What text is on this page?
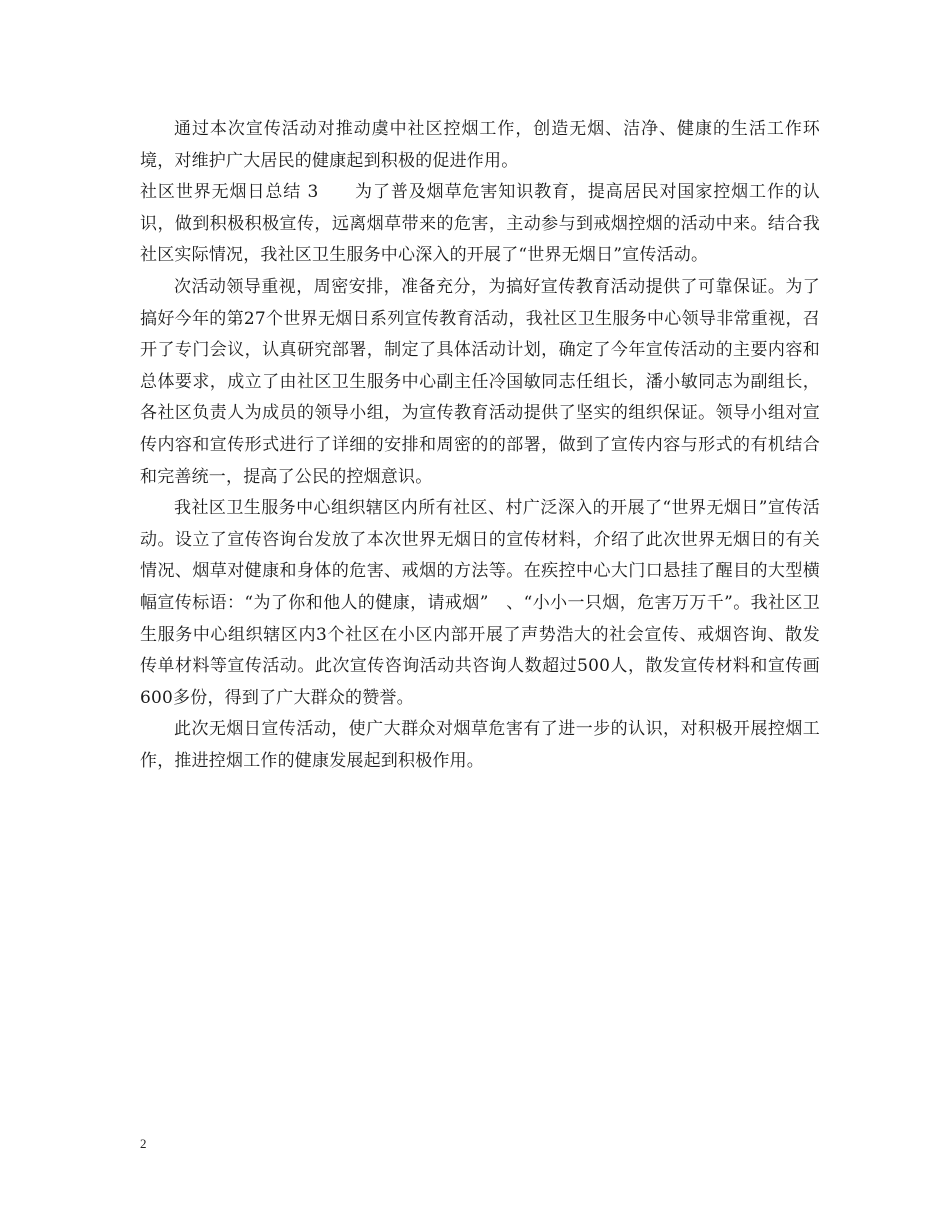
通过本次宣传活动对推动虞中社区控烟工作，创造无烟、洁净、健康的生活工作环境，对维护广大居民的健康起到积极的促进作用。

社区世界无烟日总结 3　　为了普及烟草危害知识教育，提高居民对国家控烟工作的认识，做到积极积极宣传，远离烟草带来的危害，主动参与到戒烟控烟的活动中来。结合我社区实际情况，我社区卫生服务中心深入的开展了“世界无烟日”宣传活动。

次活动领导重视，周密安排，准备充分，为搞好宣传教育活动提供了可靠保证。为了搞好今年的第27个世界无烟日系列宣传教育活动，我社区卫生服务中心领导非常重视，召开了专门会议，认真研究部署，制定了具体活动计划，确定了今年宣传活动的主要内容和总体要求，成立了由社区卫生服务中心副主任冷国敏同志任组长，潘小敏同志为副组长，各社区负责人为成员的领导小组，为宣传教育活动提供了坚实的组织保证。领导小组对宣传内容和宣传形式进行了详细的安排和周密的的部署，做到了宣传内容与形式的有机结合和完善统一，提高了公民的控烟意识。

我社区卫生服务中心组织辖区内所有社区、村广泛深入的开展了“世界无烟日”宣传活动。设立了宣传咨询台发放了本次世界无烟日的宣传材料，介绍了此次世界无烟日的有关情况、烟草对健康和身体的危害、戒烟的方法等。在疾控中心大门口悬挂了醒目的大型横幅宣传标语：“为了你和他人的健康，请戒烟”　、“小小一只烟，危害万万千”。我社区卫生服务中心组织辖区内3个社区在小区内部开展了声势浩大的社会宣传、戒烟咨询、散发传单材料等宣传活动。此次宣传咨询活动共咨询人数超过500人，散发宣传材料和宣传画600多份，得到了广大群众的赞誉。

此次无烟日宣传活动，使广大群众对烟草危害有了进一步的认识，对积极开展控烟工作，推进控烟工作的健康发展起到积极作用。

2
